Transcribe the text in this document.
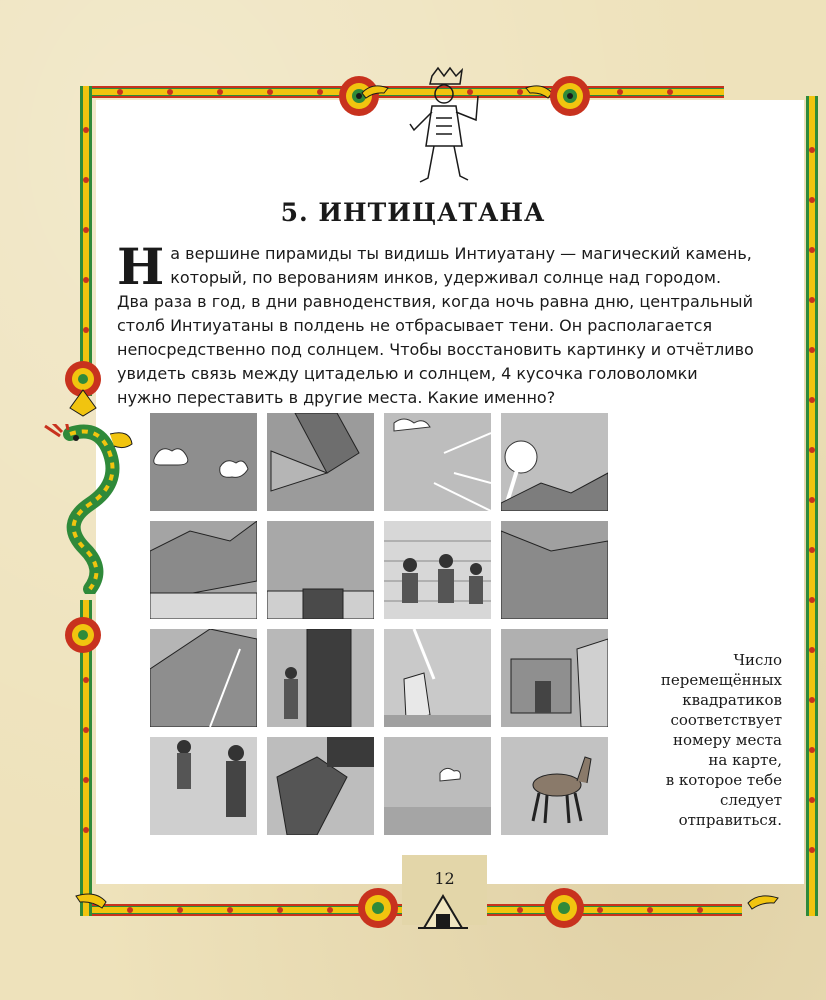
5. ИНТИЦАТАНА
Н а вершине пирамиды ты видишь Интиуатану — магический камень, который, по верованиям инков, удерживал солнце над городом. Два раза в год, в дни равноденствия, когда ночь равна дню, центральный столб Интиуатаны в полдень не отбрасывает тени. Он располагается непосредственно под солнцем. Чтобы восстановить картинку и отчётливо увидеть связь между цитаделью и солнцем, 4 кусочка головоломки нужно переставить в другие места. Какие именно?
Число
перемещённых
квадратиков
соответствует
номеру места
на карте,
в которое тебе
следует
отправиться.
12
